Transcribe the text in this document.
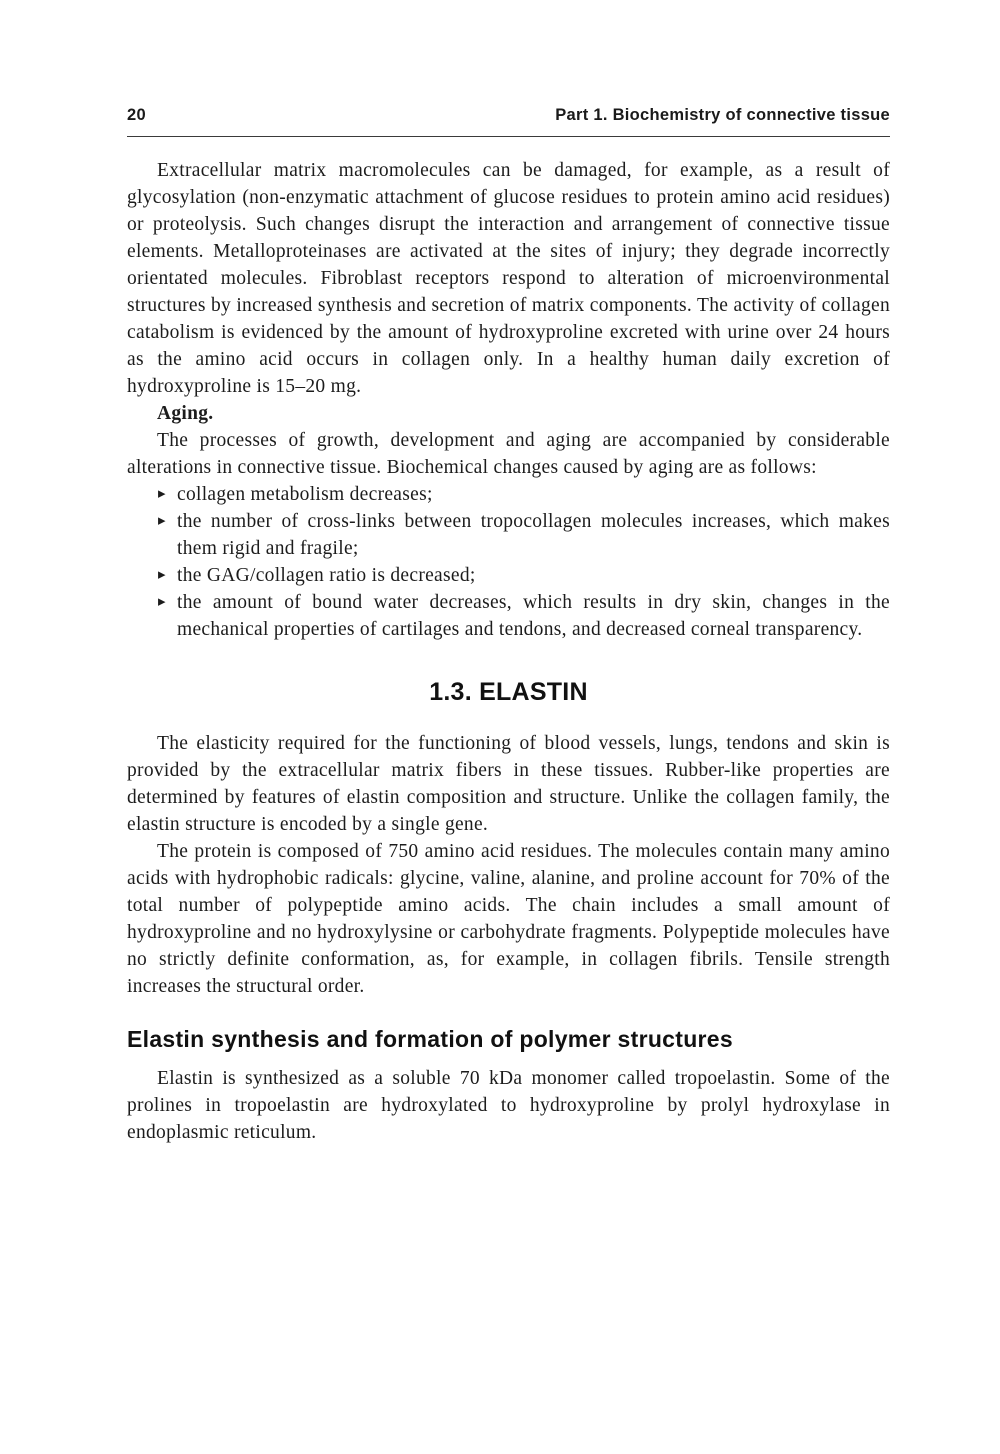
20	Part 1. Biochemistry of connective tissue

Extracellular matrix macromolecules can be damaged, for example, as a result of glycosylation (non-enzymatic attachment of glucose residues to protein amino acid residues) or proteolysis. Such changes disrupt the interaction and arrangement of connective tissue elements. Metalloproteinases are activated at the sites of injury; they degrade incorrectly orientated molecules. Fibroblast receptors respond to alteration of microenvironmental structures by increased synthesis and secretion of matrix components. The activity of collagen catabolism is evidenced by the amount of hydroxyproline excreted with urine over 24 hours as the amino acid occurs in collagen only. In a healthy human daily excretion of hydroxyproline is 15–20 mg.

Aging.

The processes of growth, development and aging are accompanied by considerable alterations in connective tissue. Biochemical changes caused by aging are as follows:

▸ collagen metabolism decreases;
▸ the number of cross-links between tropocollagen molecules increases, which makes them rigid and fragile;
▸ the GAG/collagen ratio is decreased;
▸ the amount of bound water decreases, which results in dry skin, changes in the mechanical properties of cartilages and tendons, and decreased corneal transparency.
1.3. ELASTIN

The elasticity required for the functioning of blood vessels, lungs, tendons and skin is provided by the extracellular matrix fibers in these tissues. Rubber-like properties are determined by features of elastin composition and structure. Unlike the collagen family, the elastin structure is encoded by a single gene.

The protein is composed of 750 amino acid residues. The molecules contain many amino acids with hydrophobic radicals: glycine, valine, alanine, and proline account for 70% of the total number of polypeptide amino acids. The chain includes a small amount of hydroxyproline and no hydroxylysine or carbohydrate fragments. Polypeptide molecules have no strictly definite conformation, as, for example, in collagen fibrils. Tensile strength increases the structural order.

Elastin synthesis and formation of polymer structures

Elastin is synthesized as a soluble 70 kDa monomer called tropoelastin. Some of the prolines in tropoelastin are hydroxylated to hydroxyproline by prolyl hydroxylase in endoplasmic reticulum.
